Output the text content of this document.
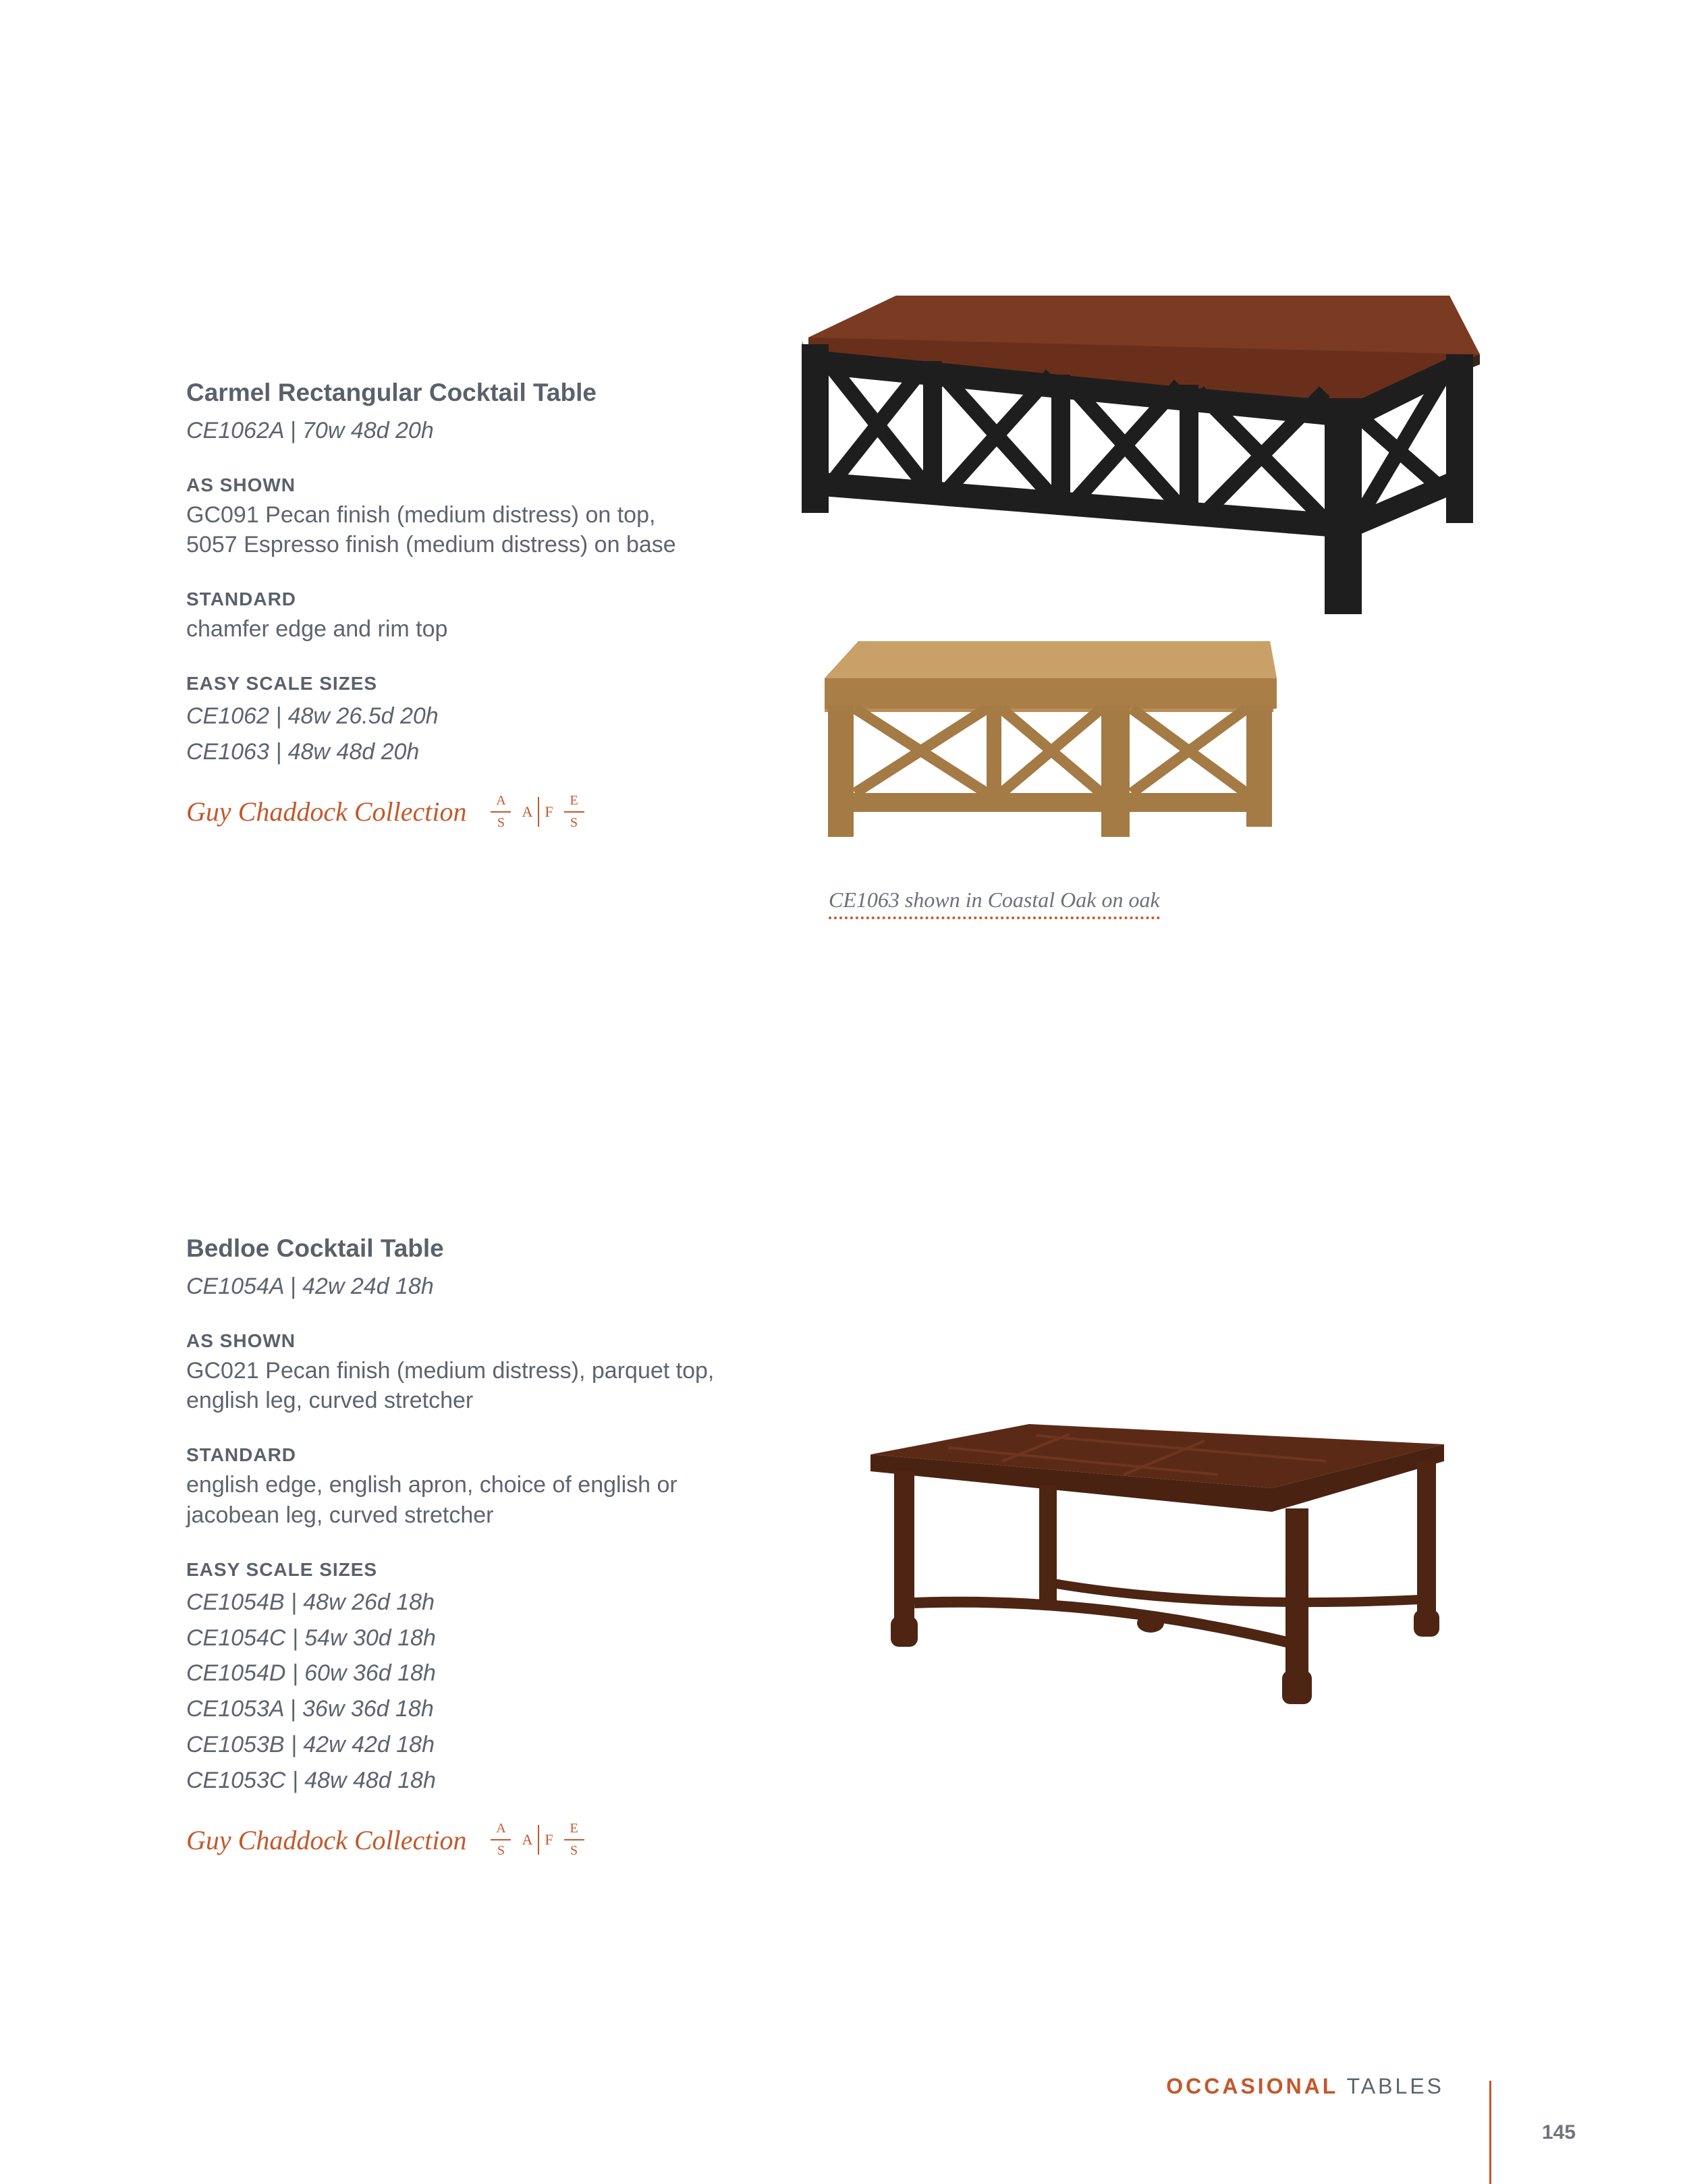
Carmel Rectangular Cocktail Table

CE1062A | 70w 48d 20h

AS SHOWN

GC091 Pecan finish (medium distress) on top,

5057 Espresso finish (medium distress) on base

STANDARD

chamfer edge and rim top

EASY SCALE SIZES

CE1062 | 48w 26.5d 20h

CE1063 | 48w 48d 20h

Guy Chaddock Collection $\frac{A}{S}$ A F $\frac{E}{S}$
CE1063 shown in Coastal Oak on oak
Bedloe Cocktail Table

CE1054A | 42w 24d 18h

AS SHOWN

GC021 Pecan finish (medium distress), parquet top,

english leg, curved stretcher

STANDARD

english edge, english apron, choice of english or

jacobean leg, curved stretcher

EASY SCALE SIZES

CE1054B | 48w 26d 18h

CE1054C | 54w 30d 18h

CE1054D | 60w 36d 18h

CE1053A | 36w 36d 18h

CE1053B | 42w 42d 18h

CE1053C | 48w 48d 18h

Guy Chaddock Collection $\frac{A}{S}$ A F $\frac{E}{S}$
OCCASIONAL TABLES
145
